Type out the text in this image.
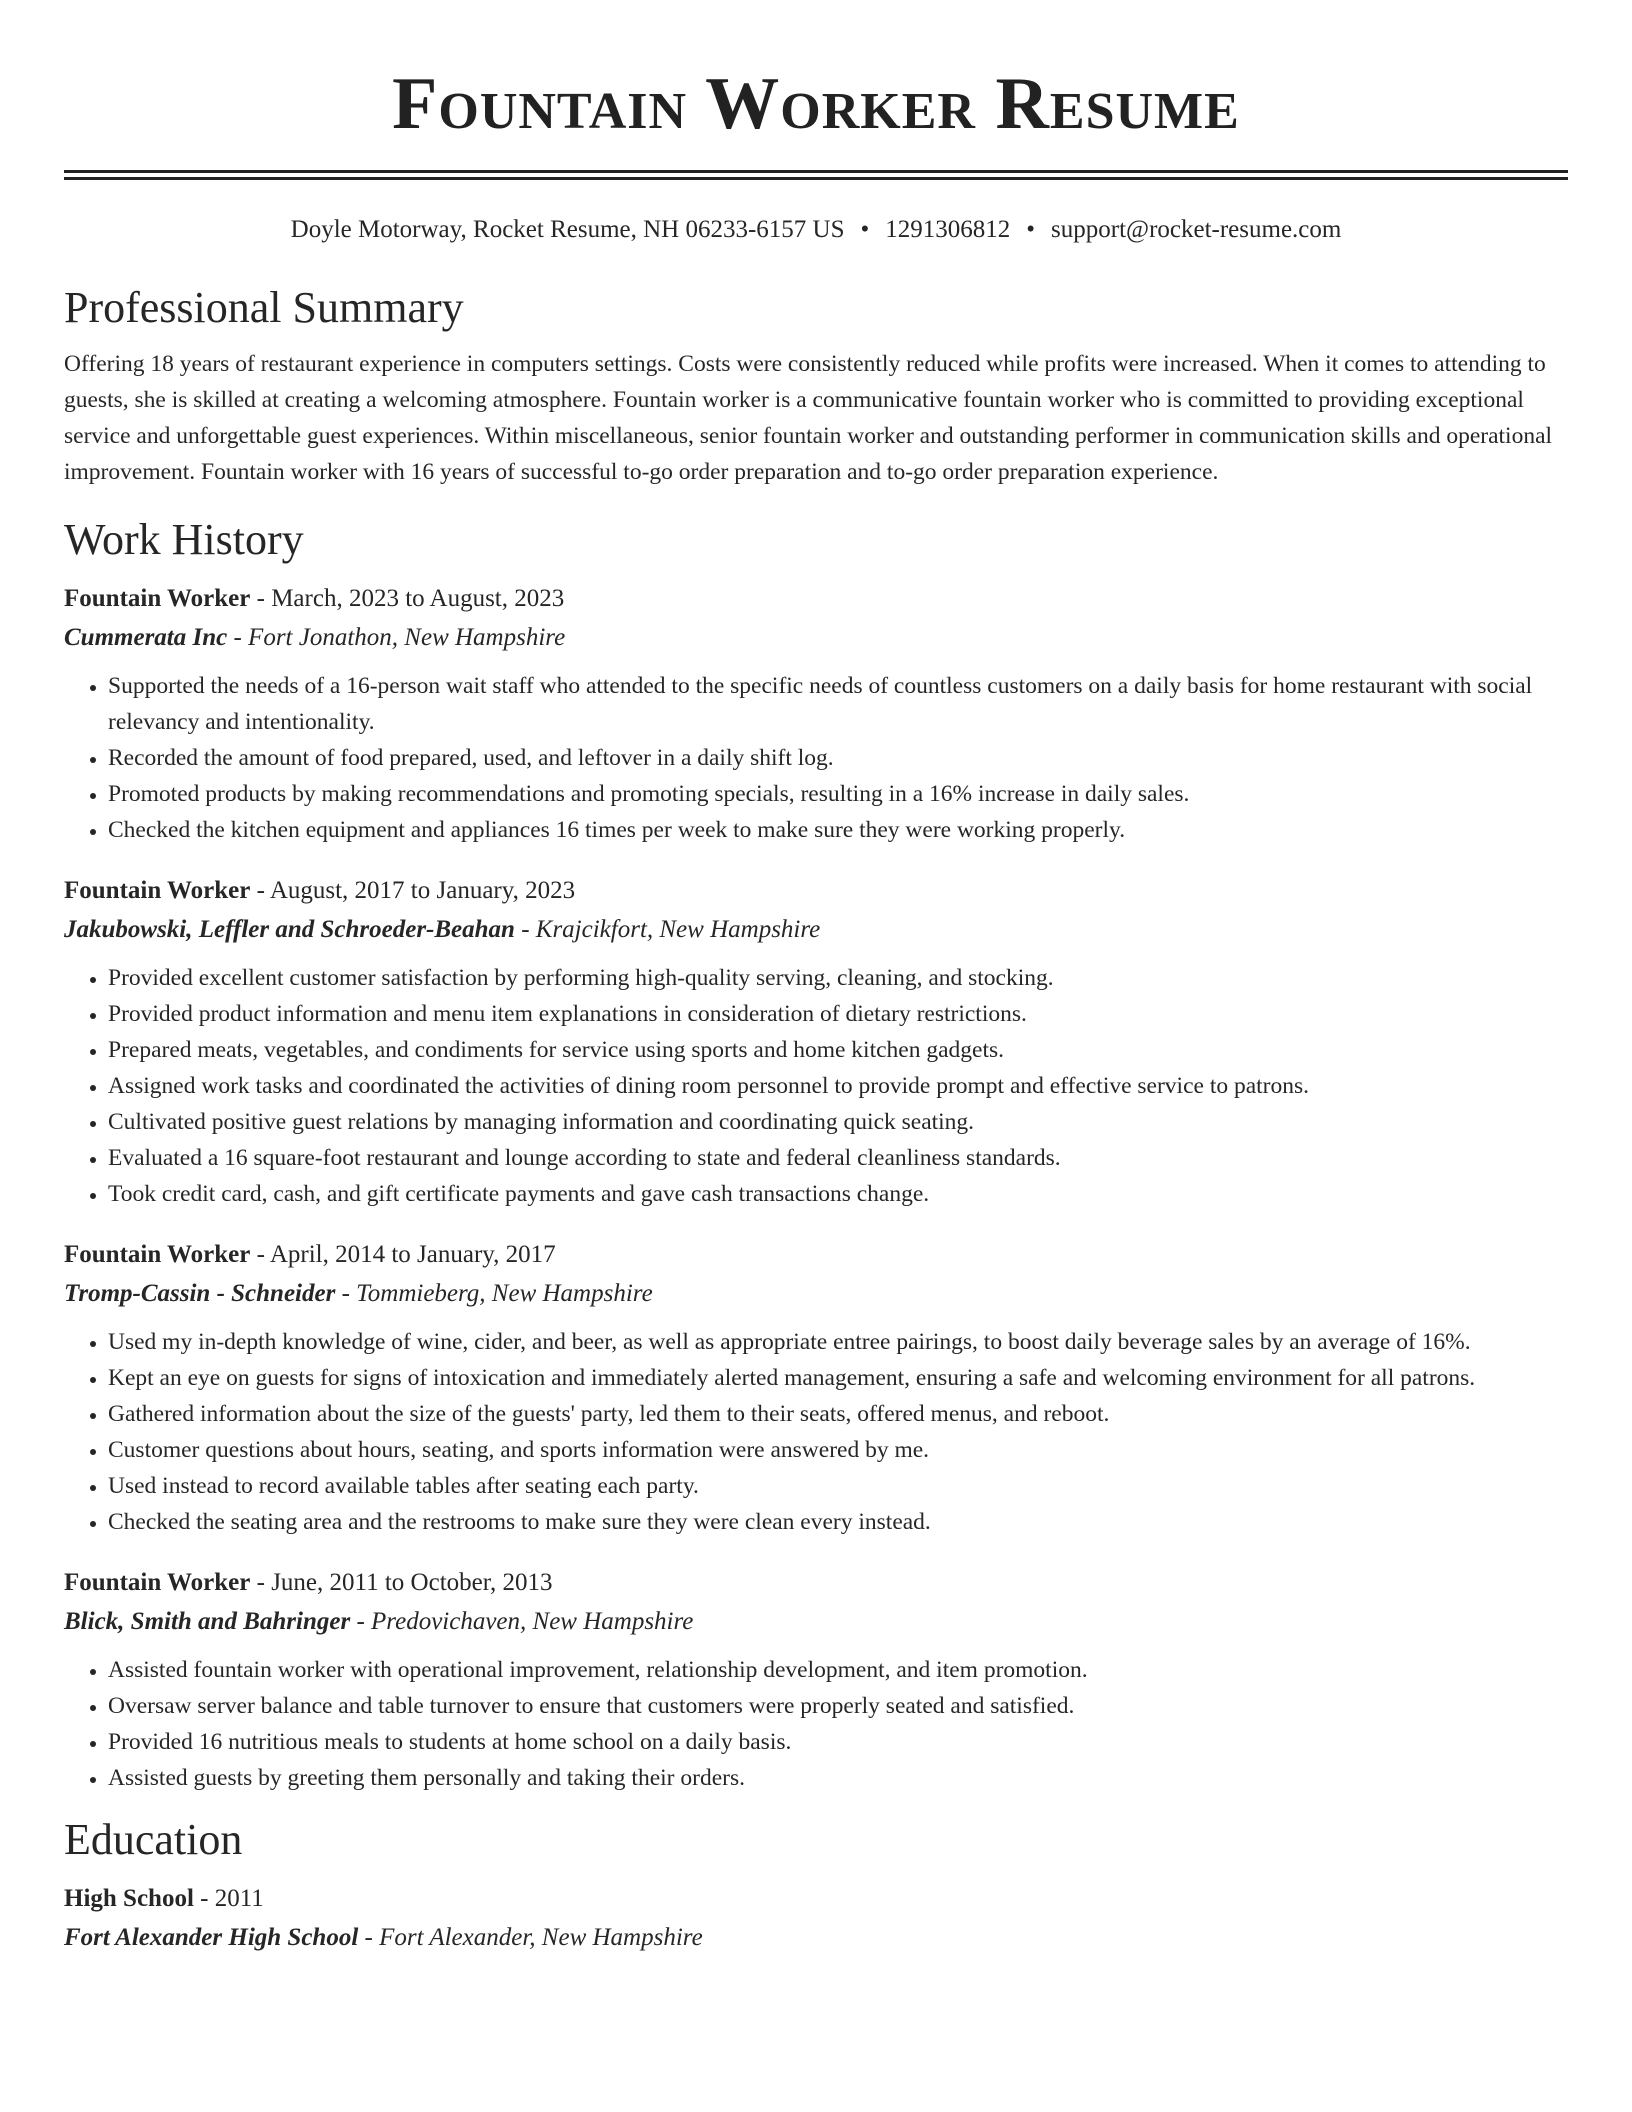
Fountain Worker Resume
Doyle Motorway, Rocket Resume, NH 06233-6157 US • 1291306812 • support@rocket-resume.com
Professional Summary
Offering 18 years of restaurant experience in computers settings. Costs were consistently reduced while profits were increased. When it comes to attending to guests, she is skilled at creating a welcoming atmosphere. Fountain worker is a communicative fountain worker who is committed to providing exceptional service and unforgettable guest experiences. Within miscellaneous, senior fountain worker and outstanding performer in communication skills and operational improvement. Fountain worker with 16 years of successful to-go order preparation and to-go order preparation experience.
Work History
Fountain Worker - March, 2023 to August, 2023
Cummerata Inc - Fort Jonathon, New Hampshire
• Supported the needs of a 16-person wait staff who attended to the specific needs of countless customers on a daily basis for home restaurant with social relevancy and intentionality.
• Recorded the amount of food prepared, used, and leftover in a daily shift log.
• Promoted products by making recommendations and promoting specials, resulting in a 16% increase in daily sales.
• Checked the kitchen equipment and appliances 16 times per week to make sure they were working properly.
Fountain Worker - August, 2017 to January, 2023
Jakubowski, Leffler and Schroeder-Beahan - Krajcikfort, New Hampshire
• Provided excellent customer satisfaction by performing high-quality serving, cleaning, and stocking.
• Provided product information and menu item explanations in consideration of dietary restrictions.
• Prepared meats, vegetables, and condiments for service using sports and home kitchen gadgets.
• Assigned work tasks and coordinated the activities of dining room personnel to provide prompt and effective service to patrons.
• Cultivated positive guest relations by managing information and coordinating quick seating.
• Evaluated a 16 square-foot restaurant and lounge according to state and federal cleanliness standards.
• Took credit card, cash, and gift certificate payments and gave cash transactions change.
Fountain Worker - April, 2014 to January, 2017
Tromp-Cassin - Schneider - Tommieberg, New Hampshire
• Used my in-depth knowledge of wine, cider, and beer, as well as appropriate entree pairings, to boost daily beverage sales by an average of 16%.
• Kept an eye on guests for signs of intoxication and immediately alerted management, ensuring a safe and welcoming environment for all patrons.
• Gathered information about the size of the guests' party, led them to their seats, offered menus, and reboot.
• Customer questions about hours, seating, and sports information were answered by me.
• Used instead to record available tables after seating each party.
• Checked the seating area and the restrooms to make sure they were clean every instead.
Fountain Worker - June, 2011 to October, 2013
Blick, Smith and Bahringer - Predovichaven, New Hampshire
• Assisted fountain worker with operational improvement, relationship development, and item promotion.
• Oversaw server balance and table turnover to ensure that customers were properly seated and satisfied.
• Provided 16 nutritious meals to students at home school on a daily basis.
• Assisted guests by greeting them personally and taking their orders.
Education
High School - 2011
Fort Alexander High School - Fort Alexander, New Hampshire
